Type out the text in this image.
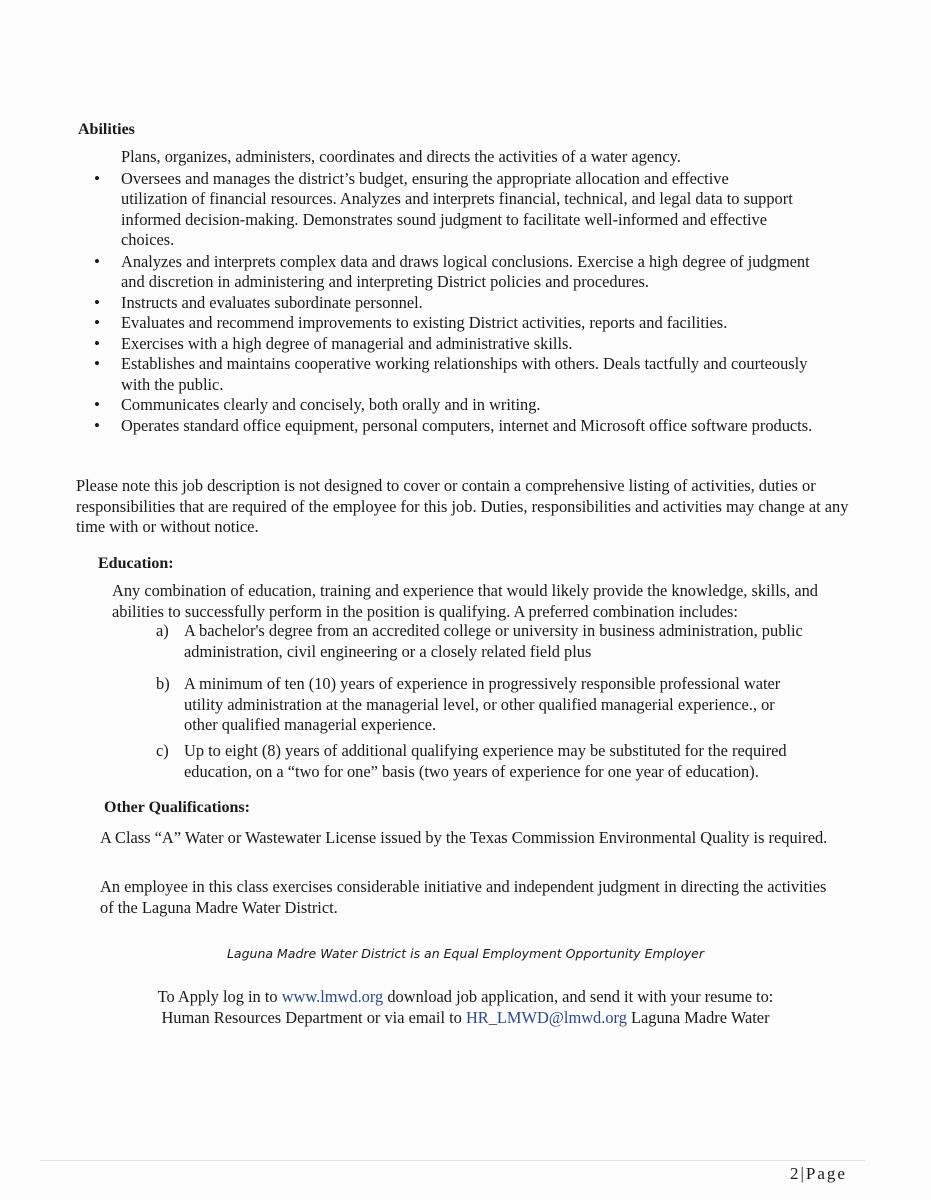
Abilities
Plans, organizes, administers, coordinates and directs the activities of a water agency.
• Oversees and manages the district’s budget, ensuring the appropriate allocation and effective utilization of financial resources. Analyzes and interprets financial, technical, and legal data to support informed decision-making. Demonstrates sound judgment to facilitate well-informed and effective choices.
• Analyzes and interprets complex data and draws logical conclusions. Exercise a high degree of judgment and discretion in administering and interpreting District policies and procedures.
• Instructs and evaluates subordinate personnel.
• Evaluates and recommend improvements to existing District activities, reports and facilities.
• Exercises with a high degree of managerial and administrative skills.
• Establishes and maintains cooperative working relationships with others. Deals tactfully and courteously with the public.
• Communicates clearly and concisely, both orally and in writing.
• Operates standard office equipment, personal computers, internet and Microsoft office software products.
Please note this job description is not designed to cover or contain a comprehensive listing of activities, duties or responsibilities that are required of the employee for this job. Duties, responsibilities and activities may change at any time with or without notice.
Education:
Any combination of education, training and experience that would likely provide the knowledge, skills, and abilities to successfully perform in the position is qualifying. A preferred combination includes:
a) A bachelor's degree from an accredited college or university in business administration, public administration, civil engineering or a closely related field plus
b) A minimum of ten (10) years of experience in progressively responsible professional water utility administration at the managerial level, or other qualified managerial experience., or other qualified managerial experience.
c) Up to eight (8) years of additional qualifying experience may be substituted for the required education, on a “two for one” basis (two years of experience for one year of education).
Other Qualifications:
A Class “A” Water or Wastewater License issued by the Texas Commission Environmental Quality is required.
An employee in this class exercises considerable initiative and independent judgment in directing the activities of the Laguna Madre Water District.
Laguna Madre Water District is an Equal Employment Opportunity Employer
To Apply log in to www.lmwd.org download job application, and send it with your resume to:
Human Resources Department or via email to HR_LMWD@lmwd.org Laguna Madre Water
2|Page
